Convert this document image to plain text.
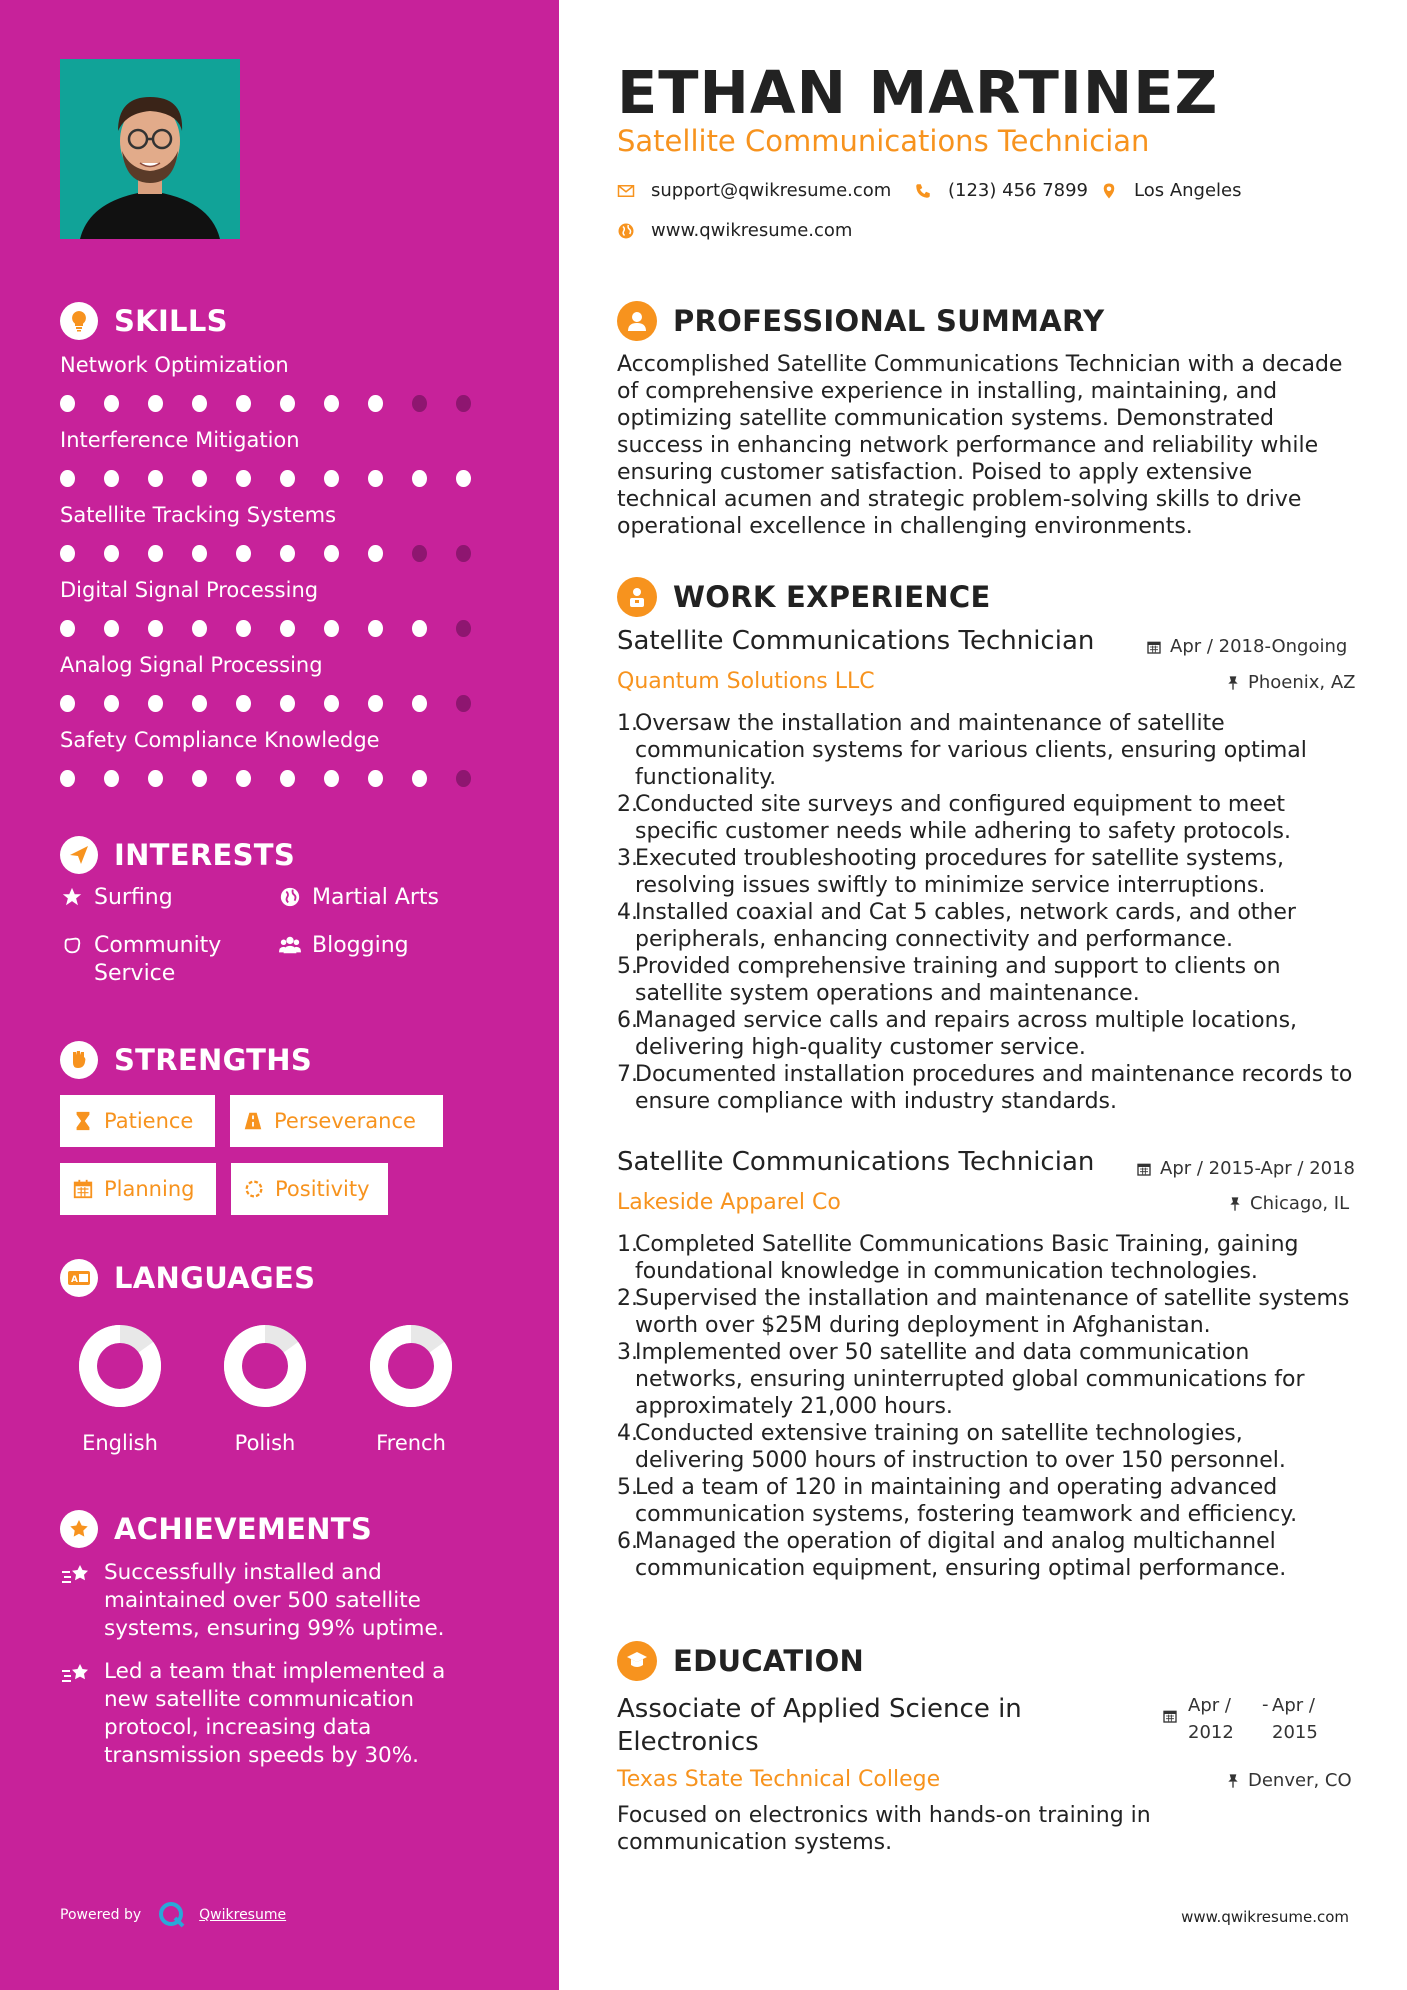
SKILLS
Network Optimization
Interference Mitigation
Satellite Tracking Systems
Digital Signal Processing
Analog Signal Processing
Safety Compliance Knowledge
INTERESTS
Surfing	Martial Arts
Community Service
Blogging
STRENGTHS
Patience	Perseverance
Planning	Positivity
A LANGUAGES
English	Polish	French
ACHIEVEMENTS
Successfully installed and maintained over 500 satellite systems, ensuring 99% uptime.
Led a team that implemented a new satellite communication protocol, increasing data transmission speeds by 30%.
Powered by	Qwikresume
ETHAN MARTINEZ
Satellite Communications Technician
support@qwikresume.com	(123) 456 7899	Los Angeles
www.qwikresume.com
PROFESSIONAL SUMMARY
Accomplished Satellite Communications Technician with a decade of comprehensive experience in installing, maintaining, and optimizing satellite communication systems. Demonstrated success in enhancing network performance and reliability while ensuring customer satisfaction. Poised to apply extensive technical acumen and strategic problem-solving skills to drive operational excellence in challenging environments.
WORK EXPERIENCE
Satellite Communications Technician	Apr / 2018-Ongoing
Quantum Solutions LLC	Phoenix, AZ
1.
Oversaw the installation and maintenance of satellite communication systems for various clients, ensuring optimal functionality.
2.
Conducted site surveys and configured equipment to meet specific customer needs while adhering to safety protocols.
3.
Executed troubleshooting procedures for satellite systems, resolving issues swiftly to minimize service interruptions.
4.
Installed coaxial and Cat 5 cables, network cards, and other peripherals, enhancing connectivity and performance.
5.
Provided comprehensive training and support to clients on satellite system operations and maintenance.
6.
Managed service calls and repairs across multiple locations, delivering high-quality customer service.
7.
Documented installation procedures and maintenance records to ensure compliance with industry standards.
Satellite Communications Technician	Apr / 2015-Apr / 2018
Lakeside Apparel Co	Chicago, IL
1.
Completed Satellite Communications Basic Training, gaining foundational knowledge in communication technologies.
2.
Supervised the installation and maintenance of satellite systems worth over $25M during deployment in Afghanistan.
3.
Implemented over 50 satellite and data communication networks, ensuring uninterrupted global communications for approximately 21,000 hours.
4.
Conducted extensive training on satellite technologies, delivering 5000 hours of instruction to over 150 personnel.
5.
Led a team of 120 in maintaining and operating advanced communication systems, fostering teamwork and efficiency.
6.
Managed the operation of digital and analog multichannel communication equipment, ensuring optimal performance.
EDUCATION
Associate of Applied Science in Electronics
Apr / 2012
- Apr / 2015
Texas State Technical College	Denver, CO
Focused on electronics with hands-on training in communication systems.
www.qwikresume.com
